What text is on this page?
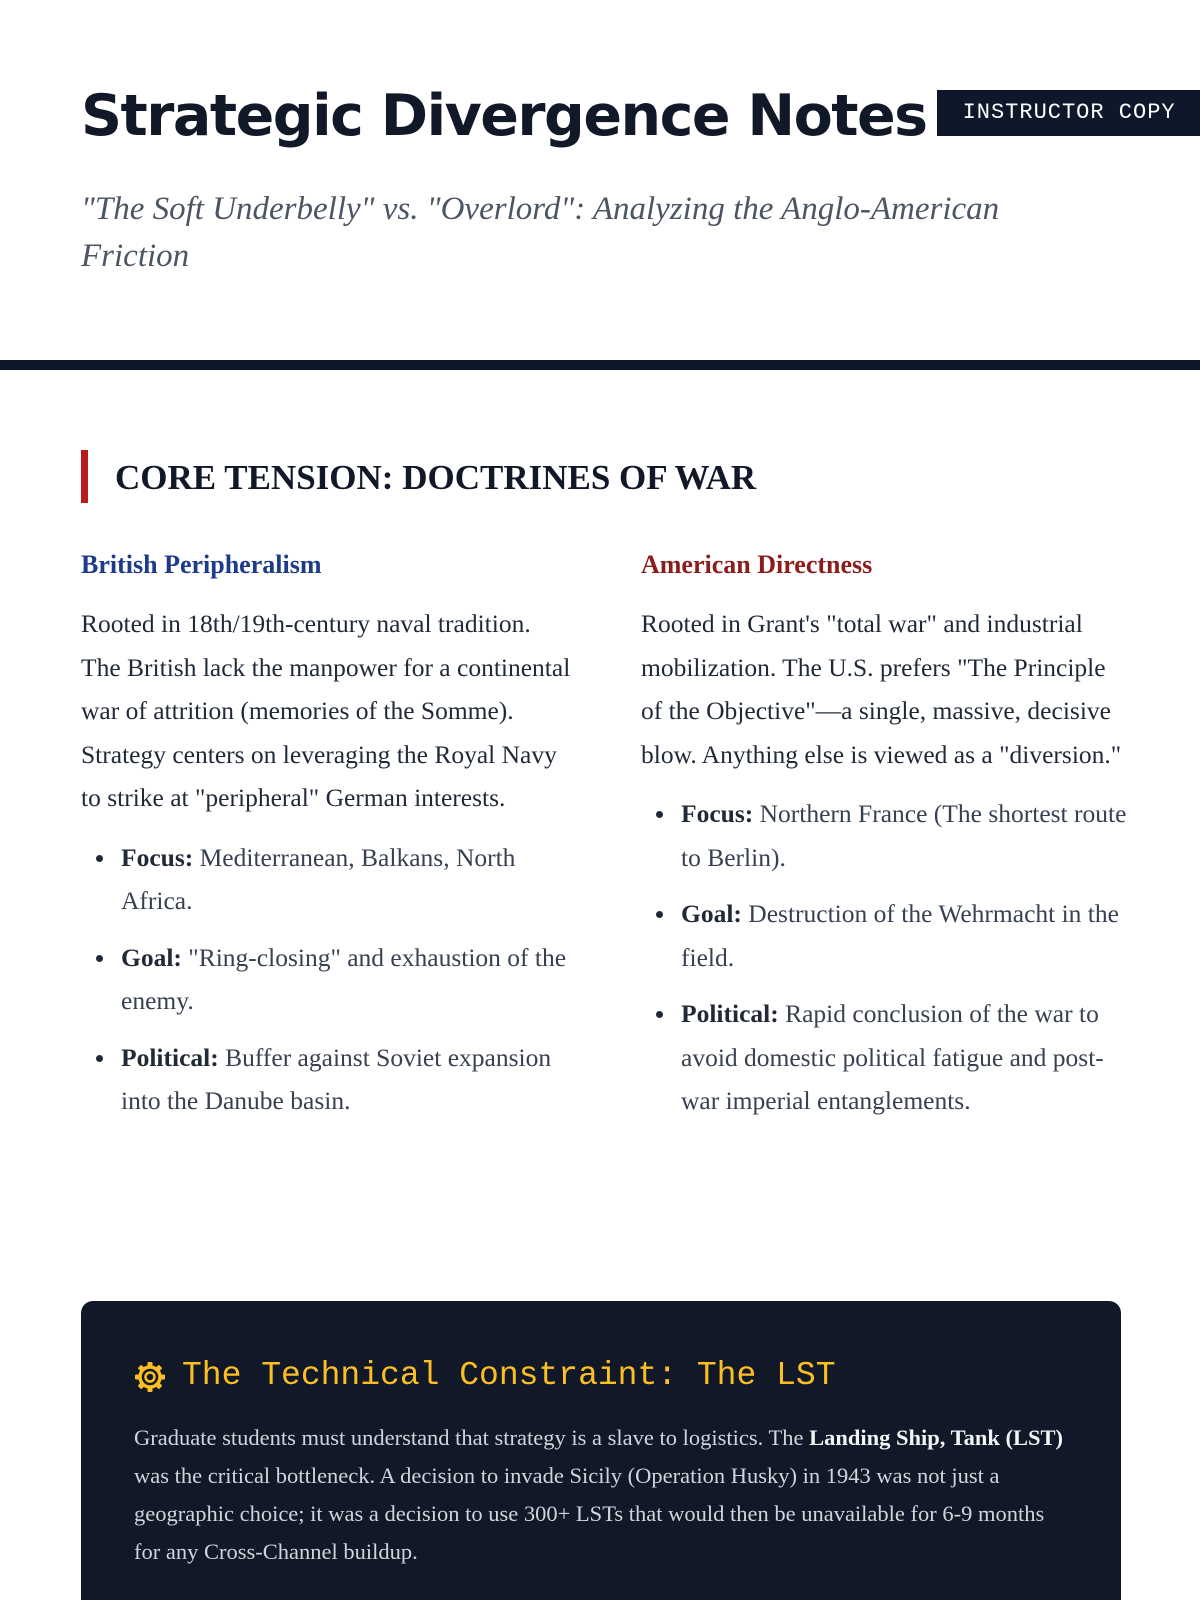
Strategic Divergence Notes	INSTRUCTOR COPY
"The Soft Underbelly" vs. "Overlord": Analyzing the Anglo-American Friction
CORE TENSION: DOCTRINES OF WAR
British Peripheralism

Rooted in 18th/19th-century naval tradition. The British lack the manpower for a continental war of attrition (memories of the Somme). Strategy centers on leveraging the Royal Navy to strike at "peripheral" German interests.

Focus: Mediterranean, Balkans, North Africa.
Goal: "Ring-closing" and exhaustion of the enemy.
Political: Buffer against Soviet expansion into the Danube basin.
American Directness

Rooted in Grant's "total war" and industrial mobilization. The U.S. prefers "The Principle of the Objective"—a single, massive, decisive blow. Anything else is viewed as a "diversion."

Focus: Northern France (The shortest route to Berlin).
Goal: Destruction of the Wehrmacht in the field.
Political: Rapid conclusion of the war to avoid domestic political fatigue and post-war imperial entanglements.
The Technical Constraint: The LST

Graduate students must understand that strategy is a slave to logistics. The Landing Ship, Tank (LST) was the critical bottleneck. A decision to invade Sicily (Operation Husky) in 1943 was not just a geographic choice; it was a decision to use 300+ LSTs that would then be unavailable for 6-9 months for any Cross-Channel buildup.
